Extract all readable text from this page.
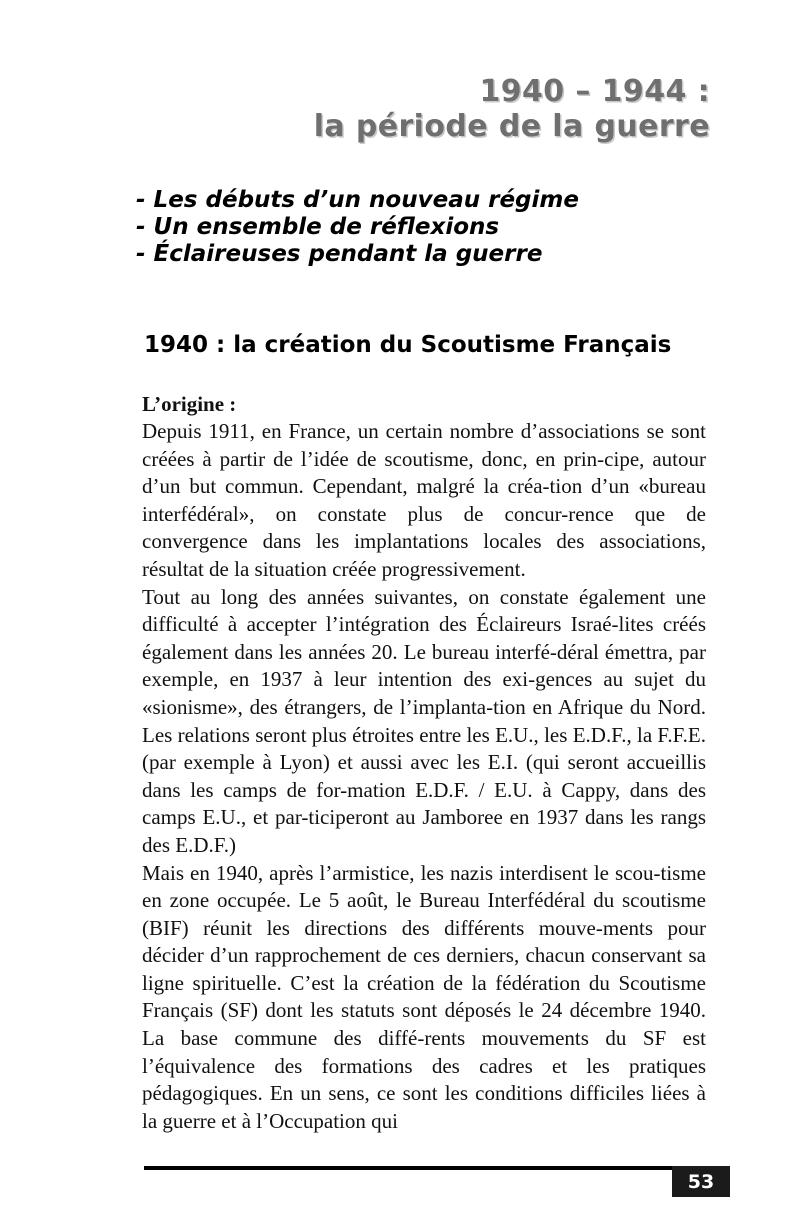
1940 – 1944 :
la période de la guerre
- Les débuts d’un nouveau régime
- Un ensemble de réflexions
- Éclaireuses pendant la guerre
1940 : la création du Scoutisme Français

L’origine :

Depuis 1911, en France, un certain nombre d’associations se sont créées à partir de l’idée de scoutisme, donc, en prin-​cipe, autour d’un but commun. Cependant, malgré la créa-​tion d’un «bureau interfédéral», on constate plus de concur-​rence que de convergence dans les implantations locales des associations, résultat de la situation créée progressivement.

Tout au long des années suivantes, on constate également une difficulté à accepter l’intégration des Éclaireurs Israé-​lites créés également dans les années 20. Le bureau interfé-​déral émettra, par exemple, en 1937 à leur intention des exi-​gences au sujet du «sionisme», des étrangers, de l’implanta-​tion en Afrique du Nord. Les relations seront plus étroites entre les E.U., les E.D.F., la F.F.E. (par exemple à Lyon) et aussi avec les E.I. (qui seront accueillis dans les camps de for-​mation E.D.F. / E.U. à Cappy, dans des camps E.U., et par-​ticiperont au Jamboree en 1937 dans les rangs des E.D.F.)

Mais en 1940, après l’armistice, les nazis interdisent le scou-​tisme en zone occupée. Le 5 août, le Bureau Interfédéral du scoutisme (BIF) réunit les directions des différents mouve-​ments pour décider d’un rapprochement de ces derniers, chacun conservant sa ligne spirituelle. C’est la création de la fédération du Scoutisme Français (SF) dont les statuts sont déposés le 24 décembre 1940. La base commune des diffé-​rents mouvements du SF est l’équivalence des formations des cadres et les pratiques pédagogiques. En un sens, ce sont les conditions difficiles liées à la guerre et à l’Occupation qui

53
